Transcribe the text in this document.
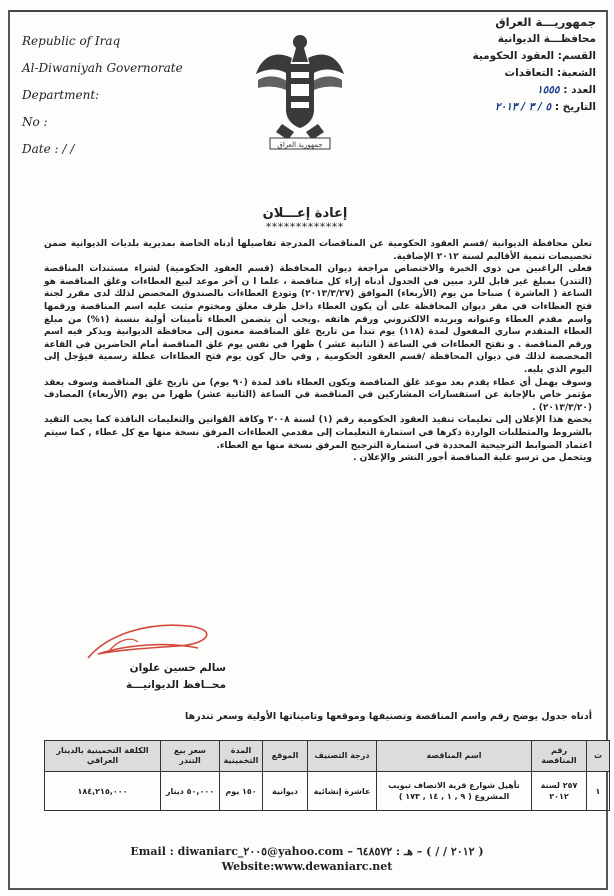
Republic of Iraq
Al-Diwaniyah Governorate
Department:
No :
Date : / /	جمهورية العراق
جمهوريـــة العراق
محافظـــة الديوانية
القسم: العقود الحكومية
الشعبة: التعاقدات
العدد : ١٥٥٥
التاريخ : ٥ / ٣ / ٢٠١٣
إعادة إعـــلان
*************

تعلن محافظة الديوانية /قسم العقود الحكومية عن المناقصات المدرجة تفاصيلها أدناه الخاصة بمديرية بلديات الديوانية ضمن تخصيصات تنمية الأقاليم لسنة ٢٠١٢ الإضافية.

فعلى الراغبين من ذوي الخبرة والاختصاص مراجعة ديوان المحافظة (قسم العقود الحكومية) لشراء مستندات المناقصة (التندر) بمبلغ غير قابل للرد مبين في الجدول أدناه إزاء كل مناقصة ، علما ا ن آخر موعد لبيع العطاءات وغلق المناقصة هو الساعة ( العاشرة ) صباحا من يوم (الأربعاء) الموافق (٢٠١٣/٣/٢٧) وتودع العطاءات بالصندوق المخصص لذلك لدى مقرر لجنة فتح العطاءات في مقر ديوان المحافظة على أن يكون العطاء داخل ظرف مغلق ومختوم مثبت عليه اسم المناقصة ورقمها واسم مقدم العطاء وعنوانه وبريده الالكتروني ورقم هاتفه .ويجب أن يتضمن العطاء تأمينات أولية بنسبة (١%) من مبلغ العطاء المتقدم ساري المفعول لمدة (١١٨) يوم تبدأ من تاريخ غلق المناقصة معنون إلى محافظة الديوانية ويذكر فيه اسم ورقم المناقصة . و تفتح العطاءات في الساعة ( الثانية عشر ) ظهرا في نفس يوم غلق المناقصة أمام الحاضرين في القاعة المخصصة لذلك في ديوان المحافظة /قسم العقود الحكومية , وفي حال كون يوم فتح العطاءات عطلة رسمية فيؤجل إلى اليوم الذي يليه.

وسوف يهمل أي عطاء يقدم بعد موعد غلق المناقصة ويكون العطاء نافذ لمدة (٩٠ يوم) من تاريخ غلق المناقصة وسوف يعقد مؤتمر خاص بالإجابة عن استفسارات المشاركين في المناقصة في الساعة (الثانية عشر) ظهرا من يوم (الأربعاء) المصادف (٢٠١٣/٣/٢٠) .

يخضع هذا الإعلان إلى تعليمات تنفيذ العقود الحكومية رقم (١) لسنة ٢٠٠٨ وكافة القوانين والتعليمات النافذة كما يجب التقيد بالشروط والمتطلبات الواردة ذكرها في استمارة التعليمات إلى مقدمي العطاءات المرفق نسخة منها مع كل عطاء , كما سيتم اعتماد الضوابط الترجيحية المحددة في استمارة الترجيح المرفق نسخة منها مع العطاء.

ويتحمل من ترسو علية المناقصة أجور النشر والإعلان .

سالم حسين علوان
محــافظ الديوانيـــة
أدناه جدول يوضح رقم واسم المناقصة وتصنيفها وموقعها وتاميناتها الأولية وسعر تندرها
ت	رقم المناقصة	اسم المناقصة	درجة التصنيف	الموقع	المدة التخمينية	سعر بيع التندر	الكلفة التخمينية بالدينار العراقي
١	٢٥٧ لسنة ٢٠١٢	تأهيل شوارع قرية الانصاف تبويب المشروع ( ٩ , ١ , ١٤ , ١٧٣ )	عاشرة إنشائية	ديوانية	١٥٠ يوم	٥٠,٠٠٠ دينار	١٨٤,٢١٥,٠٠٠
Email : diwaniarc_٢٠٠٥@yahoo.com –	( ٢٠١٢ / / ) – هـ : ٦٤٨٥٧٢
Website:www.dewaniarc.net
